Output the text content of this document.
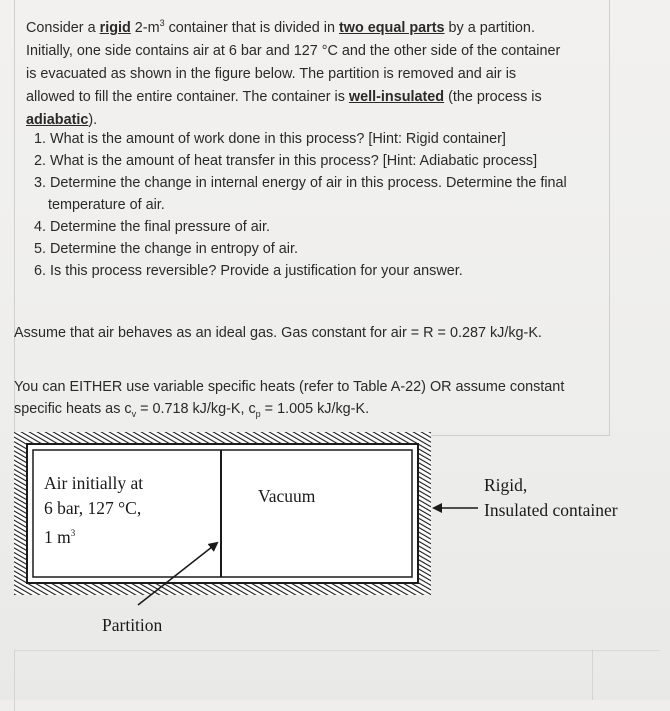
Consider a rigid $2-m^3$ container that is divided in two equal parts by a partition. Initially, one side contains air at 6 bar and 127 °C and the other side of the container is evacuated as shown in the figure below. The partition is removed and air is allowed to fill the entire container. The container is well-insulated (the process is adiabatic).
1. What is the amount of work done in this process? [Hint: Rigid container]
2. What is the amount of heat transfer in this process? [Hint: Adiabatic process]
3. Determine the change in internal energy of air in this process. Determine the final temperature of air.
4. Determine the final pressure of air.
5. Determine the change in entropy of air.
6. Is this process reversible? Provide a justification for your answer.
Assume that air behaves as an ideal gas. Gas constant for air = R = 0.287 kJ/kg-K.
You can EITHER use variable specific heats (refer to Table A-22) OR assume constant specific heats as $c_v = 0.718$ kJ/kg-K, $c_p = 1.005$ kJ/kg-K.
Air initially at
6 bar, 127 °C,
1 $m^3$
Vacuum
Rigid,
Insulated container
Partition
